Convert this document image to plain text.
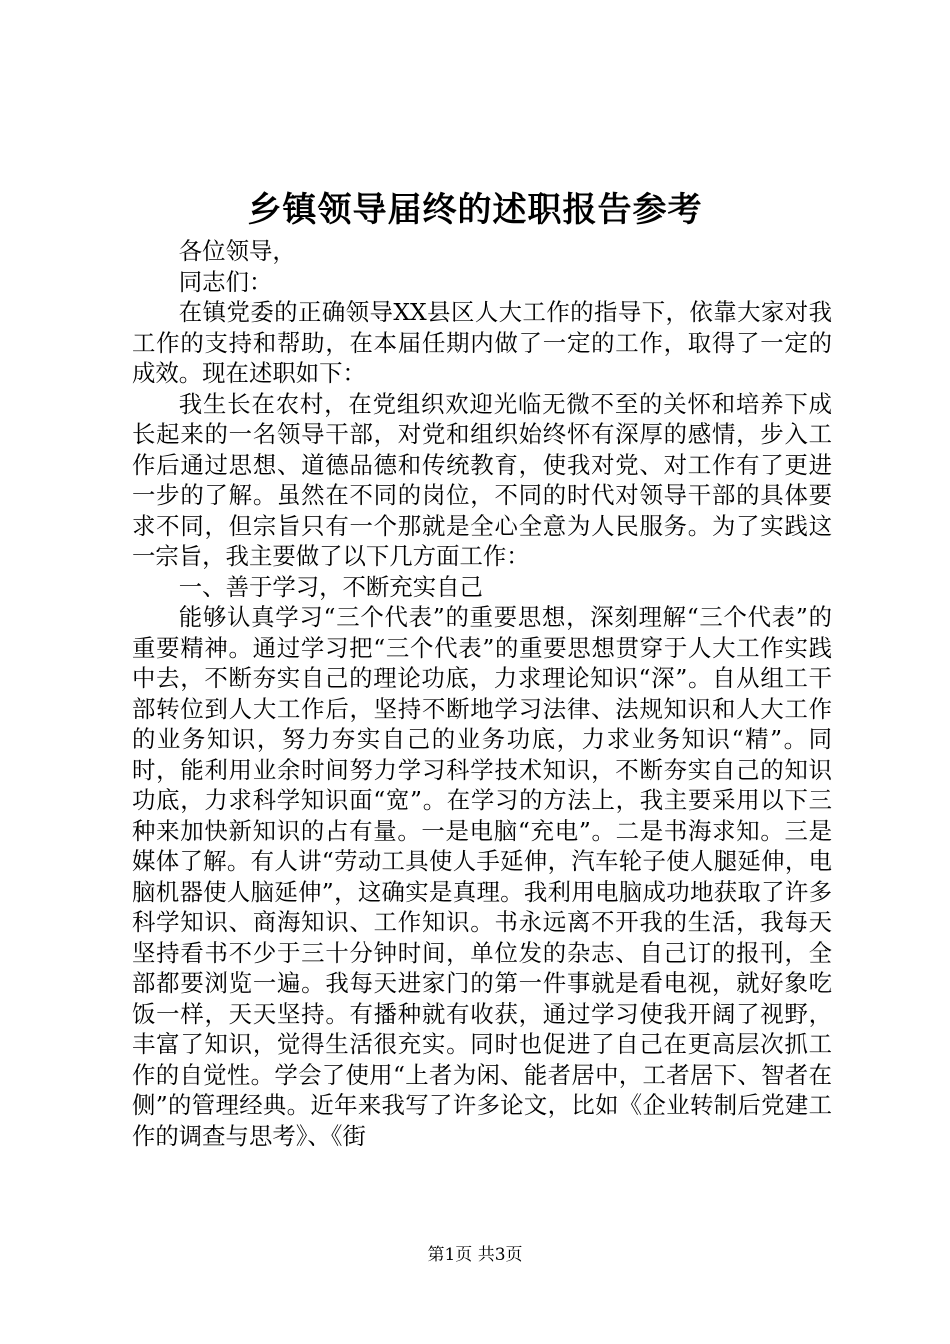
乡镇领导届终的述职报告参考

各位领导，

同志们：

在镇党委的正确领导XX县区人大工作的指导下，依靠大家对我工作的支持和帮助，在本届任期内做了一定的工作，取得了一定的成效。现在述职如下：

我生长在农村，在党组织欢迎光临无微不至的关怀和培养下成长起来的一名领导干部，对党和组织始终怀有深厚的感情，步入工作后通过思想、道德品德和传统教育，使我对党、对工作有了更进一步的了解。虽然在不同的岗位，不同的时代对领导干部的具体要求不同，但宗旨只有一个那就是全心全意为人民服务。为了实践这一宗旨，我主要做了以下几方面工作：

一、善于学习，不断充实自己

能够认真学习“三个代表”的重要思想，深刻理解“三个代表”的重要精神。通过学习把“三个代表”的重要思想贯穿于人大工作实践中去，不断夯实自己的理论功底，力求理论知识“深”。自从组工干部转位到人大工作后，坚持不断地学习法律、法规知识和人大工作的业务知识，努力夯实自己的业务功底，力求业务知识“精”。同时，能利用业余时间努力学习科学技术知识，不断夯实自己的知识功底，力求科学知识面“宽”。在学习的方法上，我主要采用以下三种来加快新知识的占有量。一是电脑“充电”。二是书海求知。三是媒体了解。有人讲“劳动工具使人手延伸，汽车轮子使人腿延伸，电脑机器使人脑延伸”，这确实是真理。我利用电脑成功地获取了许多科学知识、商海知识、工作知识。书永远离不开我的生活，我每天坚持看书不少于三十分钟时间，单位发的杂志、自己订的报刊，全部都要浏览一遍。我每天进家门的第一件事就是看电视，就好象吃饭一样，天天坚持。有播种就有收获，通过学习使我开阔了视野，丰富了知识，觉得生活很充实。同时也促进了自己在更高层次抓工作的自觉性。学会了使用“上者为闲、能者居中，工者居下、智者在侧”的管理经典。近年来我写了许多论文，比如《企业转制后党建工作的调查与思考》、《街

第1页 共3页
